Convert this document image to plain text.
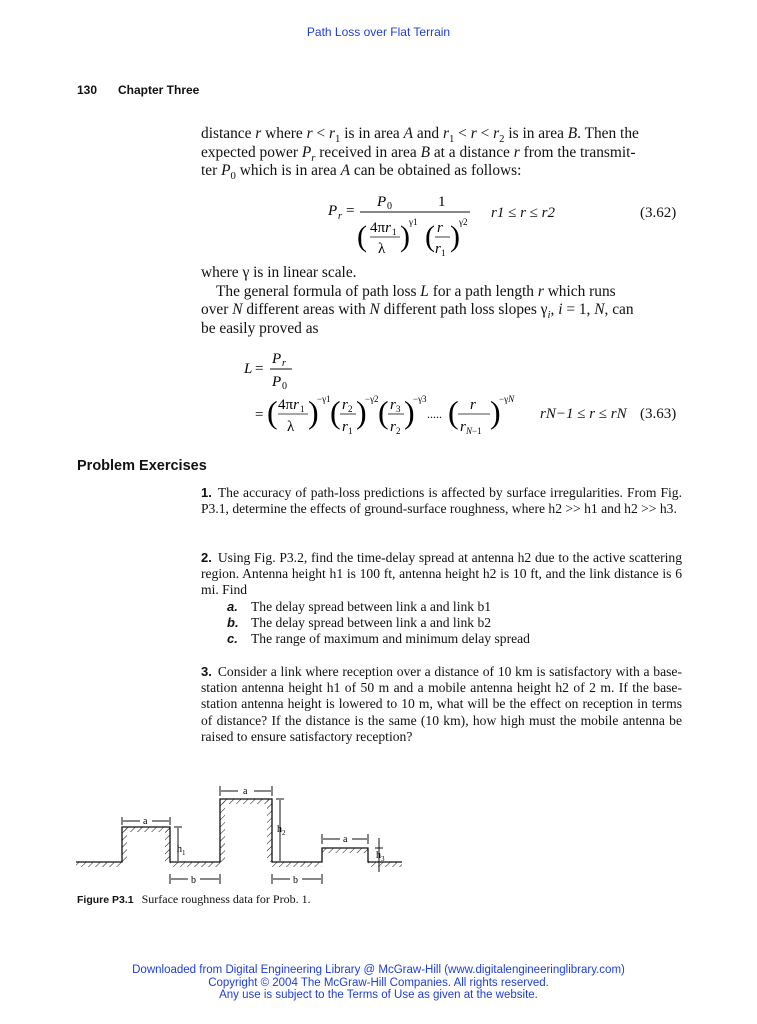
Path Loss over Flat Terrain
130 Chapter Three
distance r where $r < r_1$ is in area A and $r_1 < r < r_2$ is in area B. Then the
expected power $P_r$ received in area B at a distance r from the transmit-
ter $P_0$ which is in area A can be obtained as follows:
P r =
P 0	1
( 4πr 1
λ ) γ1 ( r
r 1 ) γ2
r1 ≤ r ≤ r2	(3.62)
where γ is in linear scale.
The general formula of path loss L for a path length r which runs
over N different areas with N different path loss slopes $\gamma_i$, i = 1, N, can
be easily proved as
L =
P r
P 0
= ( 4πr 1
λ )
−γ1 ( r 2
r 1
)
−γ2 ( r 3
r 2
)
−γ3
..... ( r
r N−1
)
−γN
rN−1 ≤ r ≤ rN (3.63)
Problem Exercises
1. The accuracy of path-loss predictions is affected by surface irregularities. From Fig. P3.1, determine the effects of ground-surface roughness, where h2 >> h1 and h2 >> h3.
2. Using Fig. P3.2, find the time-delay spread at antenna h2 due to the active scattering region. Antenna height h1 is 100 ft, antenna height h2 is 10 ft, and the link distance is 6 mi. Find
a. The delay spread between link a and link b1
b. The delay spread between link a and link b2
c. The range of maximum and minimum delay spread
3. Consider a link where reception over a distance of 10 km is satisfactory with a base-station antenna height h1 of 50 m and a mobile antenna height h2 of 2 m. If the base-station antenna height is lowered to 10 m, what will be the effect on reception in terms of distance? If the distance is the same (10 km), how high must the mobile antenna be raised to ensure satisfactory reception?
a
a
a
$h_1$
$h_2$
$h_3$
b	b
Figure P3.1 Surface roughness data for Prob. 1.
Downloaded from Digital Engineering Library @ McGraw-Hill (www.digitalengineeringlibrary.com)
Copyright © 2004 The McGraw-Hill Companies. All rights reserved.
Any use is subject to the Terms of Use as given at the website.
